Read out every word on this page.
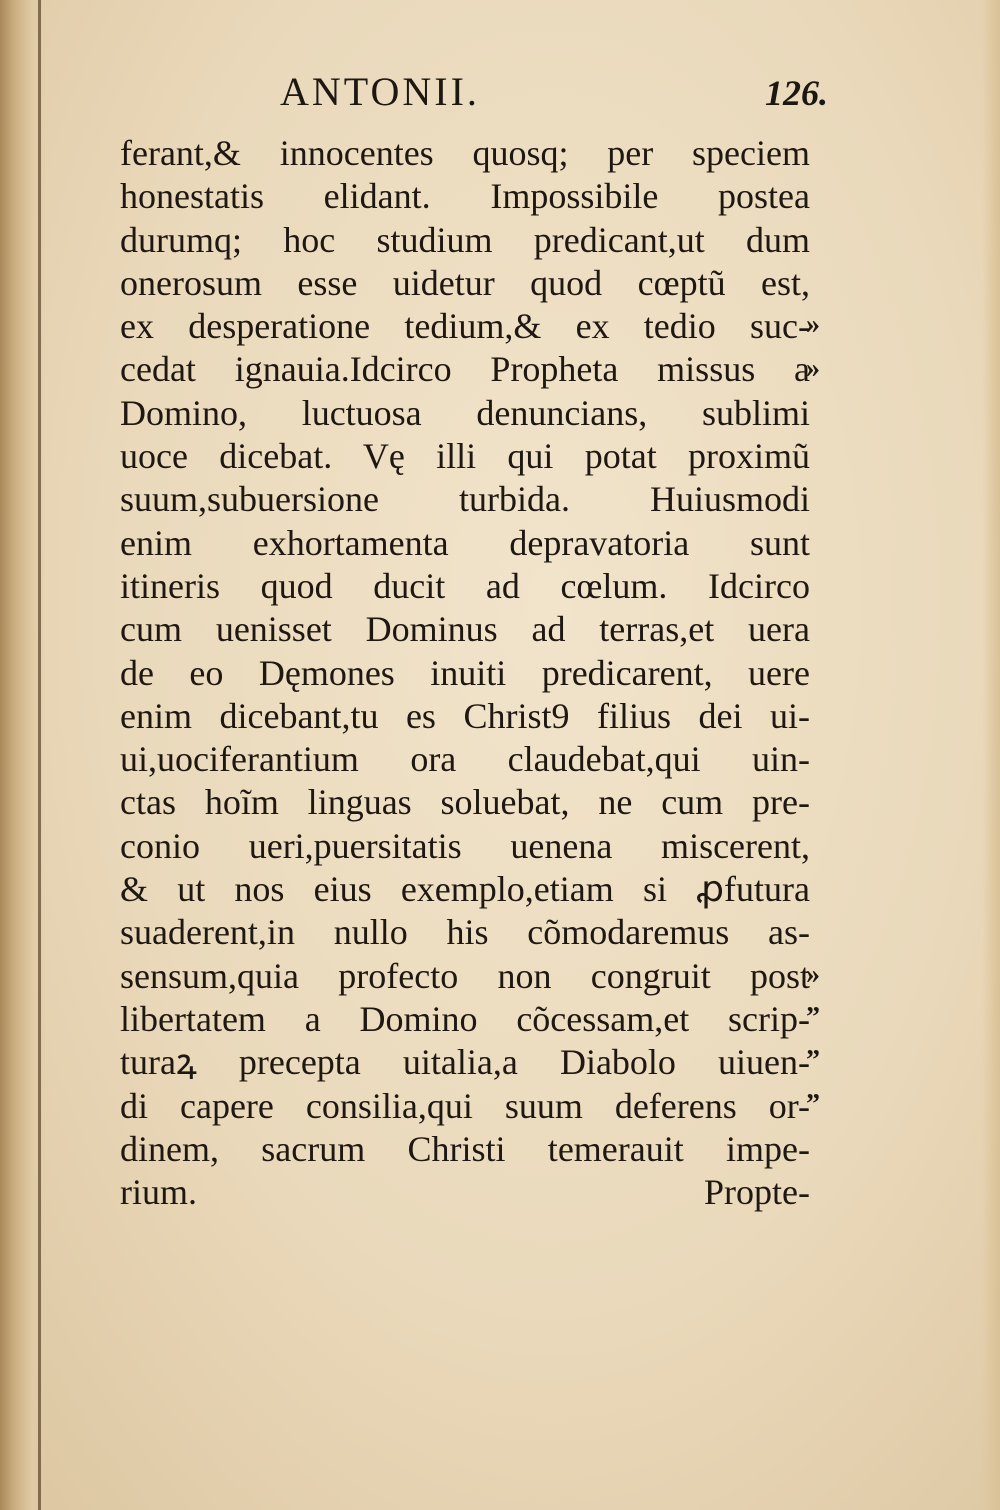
ANTONII.	126.
ferant,& innocentes quosq; per speciem
honestatis elidant. Impossibile postea
durumq; hoc studium predicant,ut dum
onerosum esse uidetur quod cœptũ est,
ex desperatione tedium,& ex tedio suc-
cedat ignauia.Idcirco Propheta missus a
Domino, luctuosa denuncians, sublimi
uoce dicebat. Vę illi qui potat proximũ
suum,subuersione turbida. Huiusmodi
enim exhortamenta depravatoria sunt
itineris quod ducit ad cœlum. Idcirco
cum uenisset Dominus ad terras,et uera
de eo Dęmones inuiti predicarent, uere
enim dicebant,tu es Christ9 filius dei ui-
ui,uociferantium ora claudebat,qui uin-
ctas hoĩm linguas soluebat, ne cum pre-
conio ueri,puersitatis uenena miscerent,
& ut nos eius exemplo,etiam si ꝓfutura
suaderent,in nullo his cõmodaremus as-
sensum,quia profecto non congruit post
libertatem a Domino cõcessam,et scrip-
turaꝝ precepta uitalia,a Diabolo uiuen-
di capere consilia,qui suum deferens or-
dinem, sacrum Christi temerauit impe-
rium.	Propte-
»
»
»
”
”
”
